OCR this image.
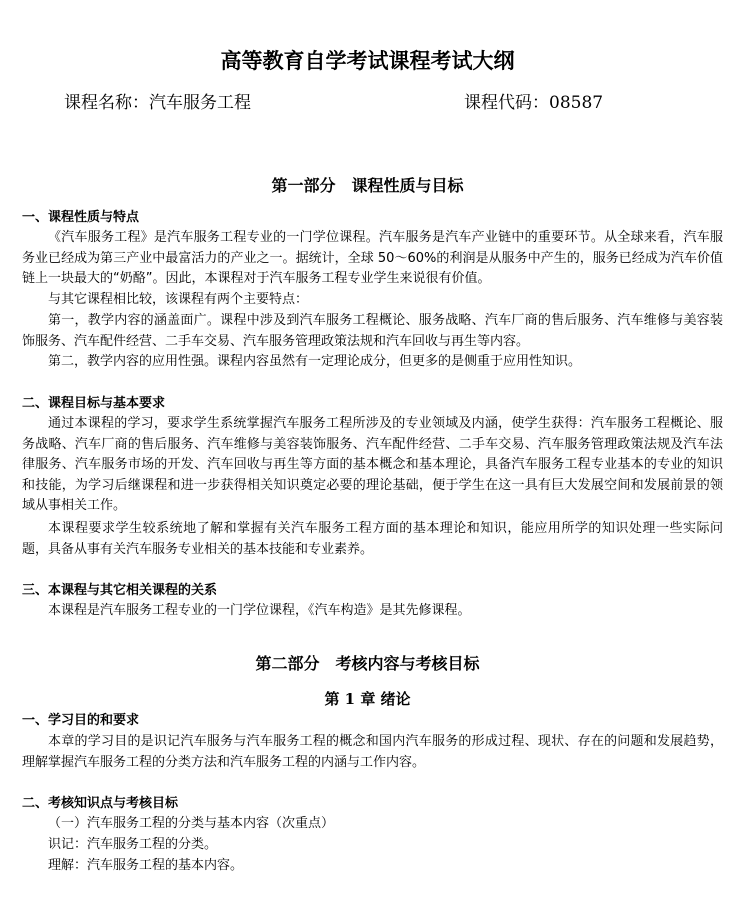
高等教育自学考试课程考试大纲
课程名称：汽车服务工程	课程代码：08587
第一部分　课程性质与目标
一、课程性质与特点

《汽车服务工程》是汽车服务工程专业的一门学位课程。汽车服务是汽车产业链中的重要环节。从全球来看，汽车服务业已经成为第三产业中最富活力的产业之一。据统计，全球 50～60%的利润是从服务中产生的，服务已经成为汽车价值链上一块最大的“奶酪”。因此，本课程对于汽车服务工程专业学生来说很有价值。

与其它课程相比较，该课程有两个主要特点：

第一，教学内容的涵盖面广。课程中涉及到汽车服务工程概论、服务战略、汽车厂商的售后服务、汽车维修与美容装饰服务、汽车配件经营、二手车交易、汽车服务管理政策法规和汽车回收与再生等内容。

第二，教学内容的应用性强。课程内容虽然有一定理论成分，但更多的是侧重于应用性知识。

二、课程目标与基本要求

通过本课程的学习，要求学生系统掌握汽车服务工程所涉及的专业领域及内涵，使学生获得：汽车服务工程概论、服务战略、汽车厂商的售后服务、汽车维修与美容装饰服务、汽车配件经营、二手车交易、汽车服务管理政策法规及汽车法律服务、汽车服务市场的开发、汽车回收与再生等方面的基本概念和基本理论，具备汽车服务工程专业基本的专业的知识和技能，为学习后继课程和进一步获得相关知识奠定必要的理论基础，便于学生在这一具有巨大发展空间和发展前景的领域从事相关工作。

本课程要求学生较系统地了解和掌握有关汽车服务工程方面的基本理论和知识，能应用所学的知识处理一些实际问题，具备从事有关汽车服务专业相关的基本技能和专业素养。

三、本课程与其它相关课程的关系

本课程是汽车服务工程专业的一门学位课程，《汽车构造》是其先修课程。

第二部分　考核内容与考核目标
第 1 章 绪论
一、学习目的和要求

本章的学习目的是识记汽车服务与汽车服务工程的概念和国内汽车服务的形成过程、现状、存在的问题和发展趋势，理解掌握汽车服务工程的分类方法和汽车服务工程的内涵与工作内容。

二、考核知识点与考核目标
（一）汽车服务工程的分类与基本内容（次重点）
识记：汽车服务工程的分类。
理解：汽车服务工程的基本内容。
